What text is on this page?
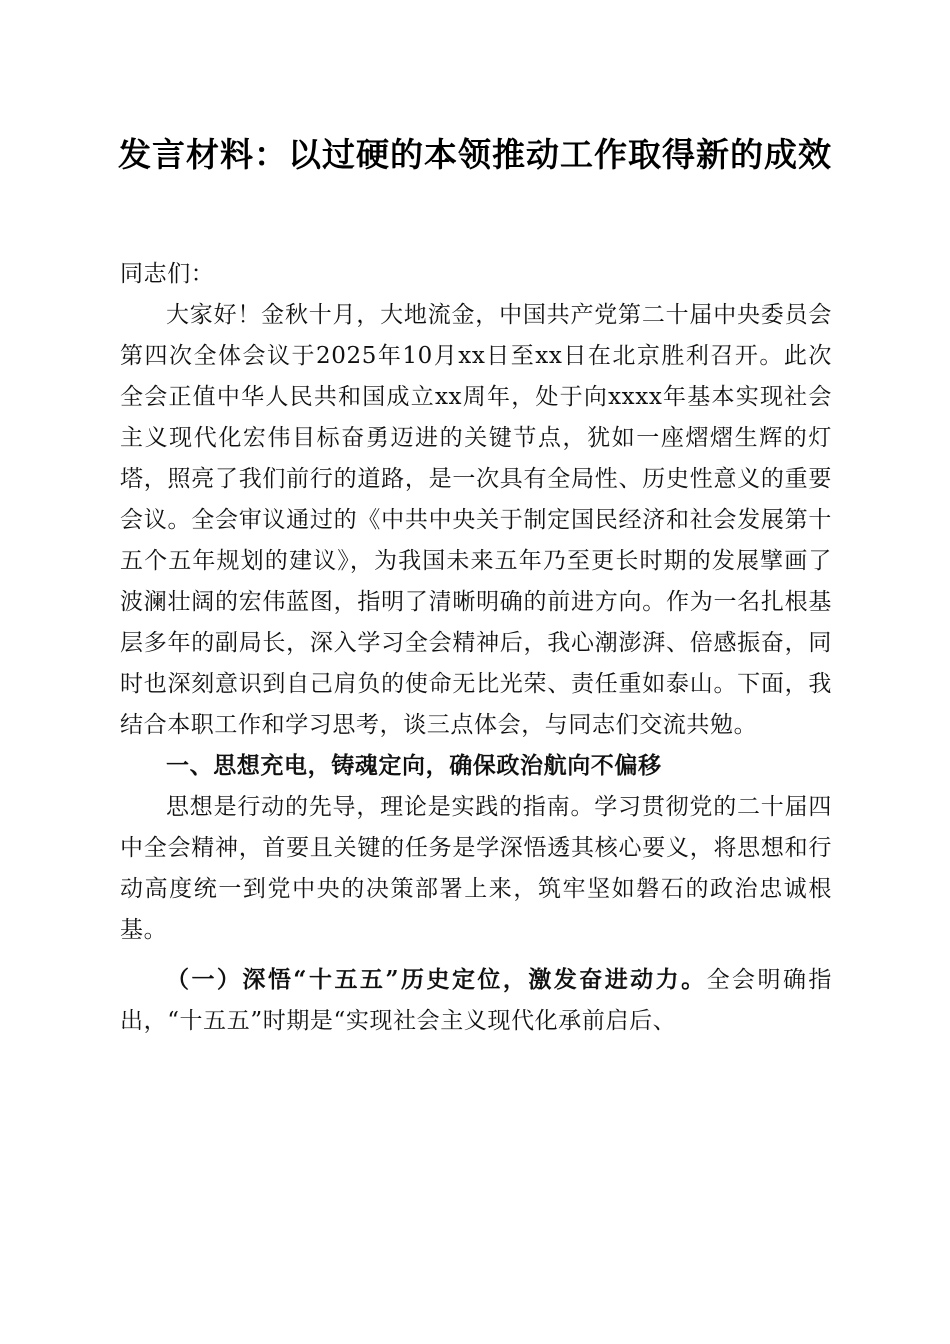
发言材料：以过硬的本领推动工作取得新的成效

同志们：

大家好！金秋十月，大地流金，中国共产党第二十届中央委员会第四次全体会议于2025年10月xx日至xx日在北京胜利召开。此次全会正值中华人民共和国成立xx周年，处于向xxxx年基本实现社会主义现代化宏伟目标奋勇迈进的关键节点，犹如一座熠熠生辉的灯塔，照亮了我们前行的道路，是一次具有全局性、历史性意义的重要会议。全会审议通过的《中共中央关于制定国民经济和社会发展第十五个五年规划的建议》，为我国未来五年乃至更长时期的发展擘画了波澜壮阔的宏伟蓝图，指明了清晰明确的前进方向。作为一名扎根基层多年的副局长，深入学习全会精神后，我心潮澎湃、倍感振奋，同时也深刻意识到自己肩负的使命无比光荣、责任重如泰山。下面，我结合本职工作和学习思考，谈三点体会，与同志们交流共勉。

一、思想充电，铸魂定向，确保政治航向不偏移

思想是行动的先导，理论是实践的指南。学习贯彻党的二十届四中全会精神，首要且关键的任务是学深悟透其核心要义，将思想和行动高度统一到党中央的决策部署上来，筑牢坚如磐石的政治忠诚根基。

（一）深悟“十五五”历史定位，激发奋进动力。全会明确指出，“十五五”时期是“实现社会主义现代化承前启后、
